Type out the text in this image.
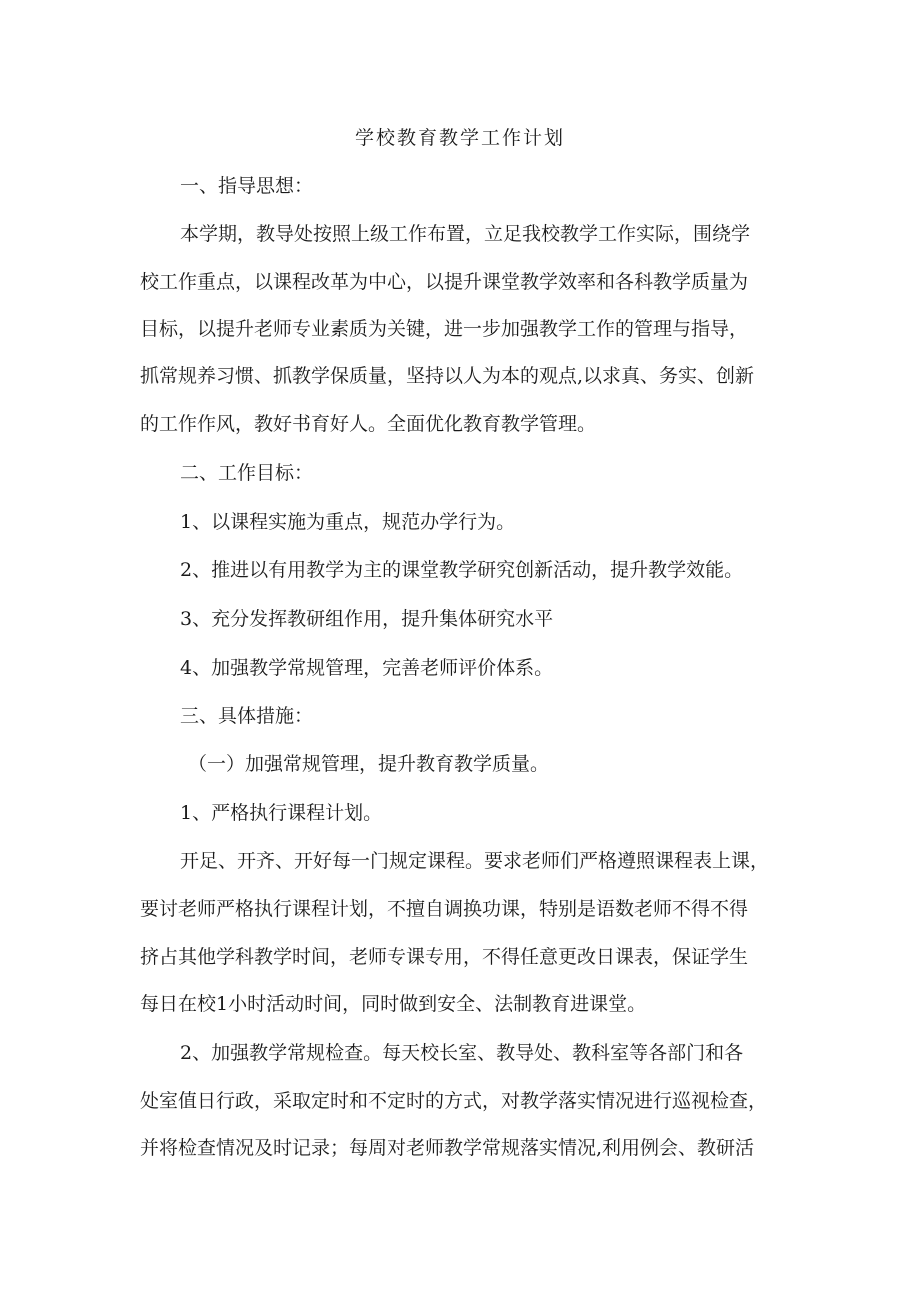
学校教育教学工作计划
一、指导思想：
本学期，教导处按照上级工作布置，立足我校教学工作实际，围绕学
校工作重点，以课程改革为中心，以提升课堂教学效率和各科教学质量为
目标，以提升老师专业素质为关键，进一步加强教学工作的管理与指导，
抓常规养习惯、抓教学保质量，坚持以人为本的观点,以求真、务实、创新
的工作作风，教好书育好人。全面优化教育教学管理。
二、工作目标：
1、以课程实施为重点，规范办学行为。
2、推进以有用教学为主的课堂教学研究创新活动，提升教学效能。
3、充分发挥教研组作用，提升集体研究水平
4、加强教学常规管理，完善老师评价体系。
三、具体措施：
（一）加强常规管理，提升教育教学质量。
1、严格执行课程计划。
开足、开齐、开好每一门规定课程。要求老师们严格遵照课程表上课，
要讨老师严格执行课程计划，不擅自调换功课，特别是语数老师不得不得
挤占其他学科教学时间，老师专课专用，不得任意更改日课表，保证学生
每日在校1小时活动时间，同时做到安全、法制教育进课堂。
2、加强教学常规检查。每天校长室、教导处、教科室等各部门和各
处室值日行政，采取定时和不定时的方式，对教学落实情况进行巡视检查，
并将检查情况及时记录；每周对老师教学常规落实情况,利用例会、教研活
